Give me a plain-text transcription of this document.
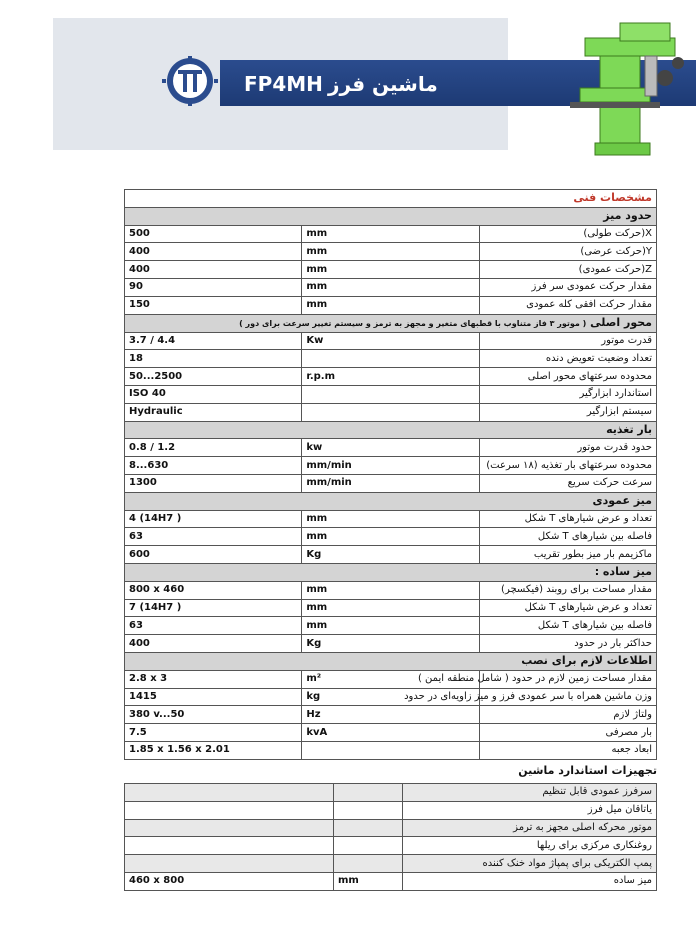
FP4MH ماشین فرز
مشخصات فنی		
حدود میز		
500	mm	X(حرکت طولی)
400	mm	Y(حرکت عرضی)
400	mm	Z(حرکت عمودی)
90	mm	مقدار حرکت عمودی سر فرز
150	mm	مقدار حرکت افقی کله عمودی
محور اصلی ( موتور ۳ فاز متناوب با قطبهای متغیر و مجهز به ترمز و سیستم تغییر سرعت برای دور )		
3.7 / 4.4	Kw	قدرت موتور
18		تعداد وضعیت تعویض دنده
50...2500	r.p.m	محدوده سرعتهای محور اصلی
ISO 40		استاندارد ابزارگیر
Hydraulic		سیستم ابزارگیر
بار تغذیه		
0.8 / 1.2	kw	حدود قدرت موتور
8...630	mm/min	محدوده سرعتهای بار تغذیه (۱۸ سرعت)
1300	mm/min	سرعت حرکت سریع
میز عمودی		
4 (14H7 )	mm	تعداد و عرض شیارهای T شکل
63	mm	فاصله بین شیارهای T شکل
600	Kg	ماکزیمم بار میز بطور تقریب
میز ساده :		
800 x 460	mm	مقدار مساحت برای روبند (فیکسچر)
7 (14H7 )	mm	تعداد و عرض شیارهای T شکل
63	mm	فاصله بین شیارهای T شکل
400	Kg	حداکثر بار در حدود
اطلاعات لازم برای نصب		
2.8 x 3	m²	مقدار مساحت زمین لازم در حدود ( شامل منطقه ایمن )
1415	kg	وزن ماشین همراه با سر عمودی فرز و میز زاویه‌ای در حدود
380 v...50	Hz	ولتاژ لازم
7.5	kvA	بار مصرفی
1.85 x 1.56 x 2.01		ابعاد جعبه
تجهیزات استاندارد ماشین
		سرفرز عمودی قابل تنظیم
		یاتاقان میل فرز
		موتور محرکه اصلی مجهز به ترمز
		روغنکاری مرکزی برای ریلها
		پمپ الکتریکی برای پمپاژ مواد خنک کننده
460 x 800	mm	میز ساده
